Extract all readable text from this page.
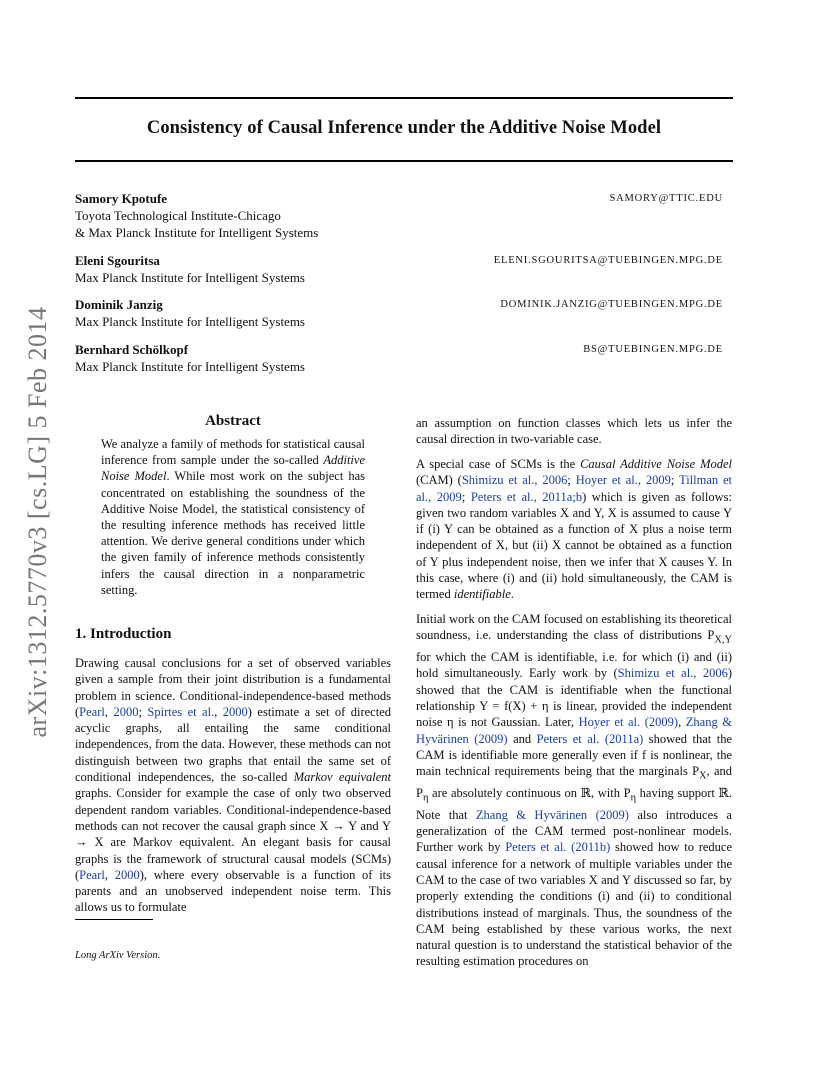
Consistency of Causal Inference under the Additive Noise Model
arXiv:1312.5770v3 [cs.LG] 5 Feb 2014
Samory Kpotufe
Toyota Technological Institute-Chicago
& Max Planck Institute for Intelligent Systems
SAMORY@TTIC.EDU
Eleni Sgouritsa
Max Planck Institute for Intelligent Systems
ELENI.SGOURITSA@TUEBINGEN.MPG.DE
Dominik Janzig
Max Planck Institute for Intelligent Systems
DOMINIK.JANZIG@TUEBINGEN.MPG.DE
Bernhard Schölkopf
Max Planck Institute for Intelligent Systems
BS@TUEBINGEN.MPG.DE
Abstract
We analyze a family of methods for statistical causal inference from sample under the so-called Additive Noise Model. While most work on the subject has concentrated on establishing the soundness of the Additive Noise Model, the statistical consistency of the resulting inference methods has received little attention. We derive general conditions under which the given family of inference methods consistently infers the causal direction in a nonparametric setting.
1. Introduction
Drawing causal conclusions for a set of observed variables given a sample from their joint distribution is a fundamental problem in science. Conditional-independence-based methods (Pearl, 2000; Spirtes et al., 2000) estimate a set of directed acyclic graphs, all entailing the same conditional independences, from the data. However, these methods can not distinguish between two graphs that entail the same set of conditional independences, the so-called Markov equivalent graphs. Consider for example the case of only two observed dependent random variables. Conditional-independence-based methods can not recover the causal graph since X → Y and Y → X are Markov equivalent. An elegant basis for causal graphs is the framework of structural causal models (SCMs) (Pearl, 2000), where every observable is a function of its parents and an unobserved independent noise term. This allows us to formulate
Long ArXiv Version.
an assumption on function classes which lets us infer the causal direction in two-variable case.
A special case of SCMs is the Causal Additive Noise Model (CAM) (Shimizu et al., 2006; Hoyer et al., 2009; Tillman et al., 2009; Peters et al., 2011a;b) which is given as follows: given two random variables X and Y, X is assumed to cause Y if (i) Y can be obtained as a function of X plus a noise term independent of X, but (ii) X cannot be obtained as a function of Y plus independent noise, then we infer that X causes Y. In this case, where (i) and (ii) hold simultaneously, the CAM is termed identifiable.
Initial work on the CAM focused on establishing its theoretical soundness, i.e. understanding the class of distributions $P_{X,Y}$ for which the CAM is identifiable, i.e. for which (i) and (ii) hold simultaneously. Early work by (Shimizu et al., 2006) showed that the CAM is identifiable when the functional relationship Y = f(X) + η is linear, provided the independent noise η is not Gaussian. Later, Hoyer et al. (2009), Zhang & Hyvärinen (2009) and Peters et al. (2011a) showed that the CAM is identifiable more generally even if f is nonlinear, the main technical requirements being that the marginals $P_X$, and $P_\eta$ are absolutely continuous on ℝ, with $P_\eta$ having support ℝ. Note that Zhang & Hyvärinen (2009) also introduces a generalization of the CAM termed post-nonlinear models. Further work by Peters et al. (2011b) showed how to reduce causal inference for a network of multiple variables under the CAM to the case of two variables X and Y discussed so far, by properly extending the conditions (i) and (ii) to conditional distributions instead of marginals. Thus, the soundness of the CAM being established by these various works, the next natural question is to understand the statistical behavior of the resulting estimation procedures on
